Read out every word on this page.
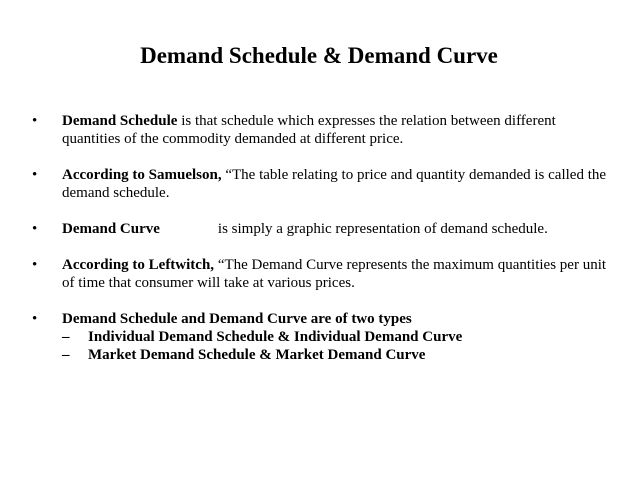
Demand Schedule & Demand Curve
•	Demand Schedule is that schedule which expresses the relation between different quantities of the commodity demanded at different price.
•	According to Samuelson, “The table relating to price and quantity demanded is called the demand schedule.
•	Demand Curve	is simply a graphic representation of demand schedule.
•	According to Leftwitch, “The Demand Curve represents the maximum quantities per unit of time that consumer will take at various prices.
•	Demand Schedule and Demand Curve are of two types
–	Individual Demand Schedule & Individual Demand Curve
–	Market Demand Schedule & Market Demand Curve
